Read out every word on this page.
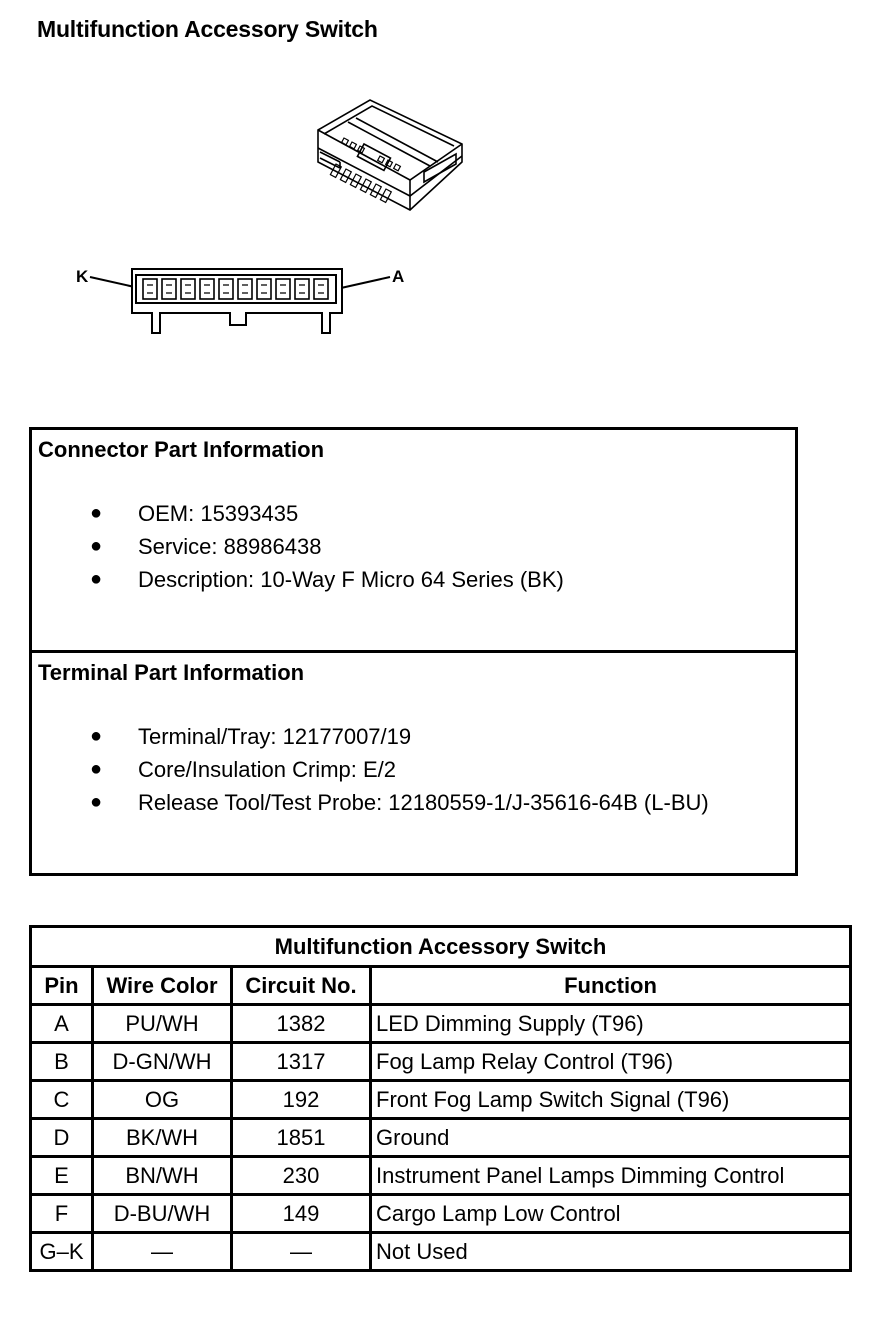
Multifunction Accessory Switch
K	A
Connector Part Information
● OEM: 15393435
● Service: 88986438
● Description: 10-Way F Micro 64 Series (BK)

Terminal Part Information
● Terminal/Tray: 12177007/19
● Core/Insulation Crimp: E/2
● Release Tool/Test Probe: 12180559-1/J-35616-64B (L-BU)
Multifunction Accessory Switch			
Pin	Wire Color	Circuit No.	Function
A	PU/WH	1382	LED Dimming Supply (T96)
B	D-GN/WH	1317	Fog Lamp Relay Control (T96)
C	OG	192	Front Fog Lamp Switch Signal (T96)
D	BK/WH	1851	Ground
E	BN/WH	230	Instrument Panel Lamps Dimming Control
F	D-BU/WH	149	Cargo Lamp Low Control
G–K	—	—	Not Used
